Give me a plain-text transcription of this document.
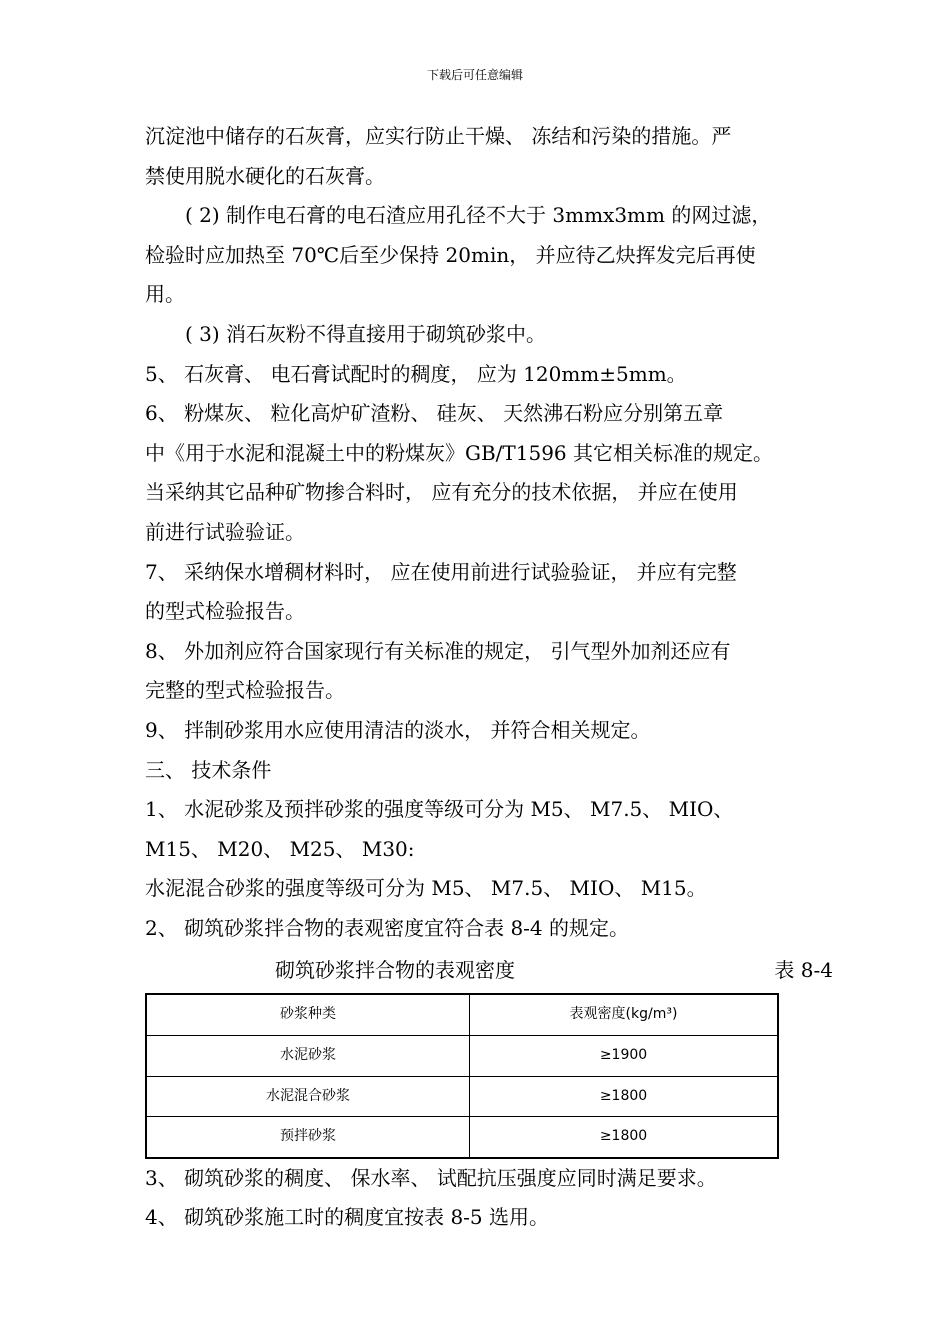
下载后可任意编辑

沉淀池中储存的石灰膏，应实行防止干燥、 冻结和污染的措施。严

禁使用脱水硬化的石灰膏。

( 2) 制作电石膏的电石渣应用孔径不大于 3mmx3mm 的网过滤，

检验时应加热至 70℃后至少保持 20min， 并应待乙炔挥发完后再使

用。

( 3) 消石灰粉不得直接用于砌筑砂浆中。

5、 石灰膏、 电石膏试配时的稠度， 应为 120mm±5mm。

6、 粉煤灰、 粒化高炉矿渣粉、 硅灰、 天然沸石粉应分别第五章

中《用于水泥和混凝土中的粉煤灰》GB/T1596 其它相关标准的规定。

当采纳其它品种矿物掺合料时， 应有充分的技术依据， 并应在使用

前进行试验验证。

7、 采纳保水增稠材料时， 应在使用前进行试验验证， 并应有完整

的型式检验报告。

8、 外加剂应符合国家现行有关标准的规定， 引气型外加剂还应有

完整的型式检验报告。

9、 拌制砂浆用水应使用清洁的淡水， 并符合相关规定。

三、 技术条件

1、 水泥砂浆及预拌砂浆的强度等级可分为 M5、 M7.5、 MIO、

M15、 M20、 M25、 M30:

水泥混合砂浆的强度等级可分为 M5、 M7.5、 MIO、 M15。

2、 砌筑砂浆拌合物的表观密度宜符合表 8-4 的规定。

砌筑砂浆拌合物的表观密度	表 8-4
砂浆种类	表观密度(kg/m³)
水泥砂浆	≥1900
水泥混合砂浆	≥1800
预拌砂浆	≥1800

3、 砌筑砂浆的稠度、 保水率、 试配抗压强度应同时满足要求。

4、 砌筑砂浆施工时的稠度宜按表 8-5 选用。
